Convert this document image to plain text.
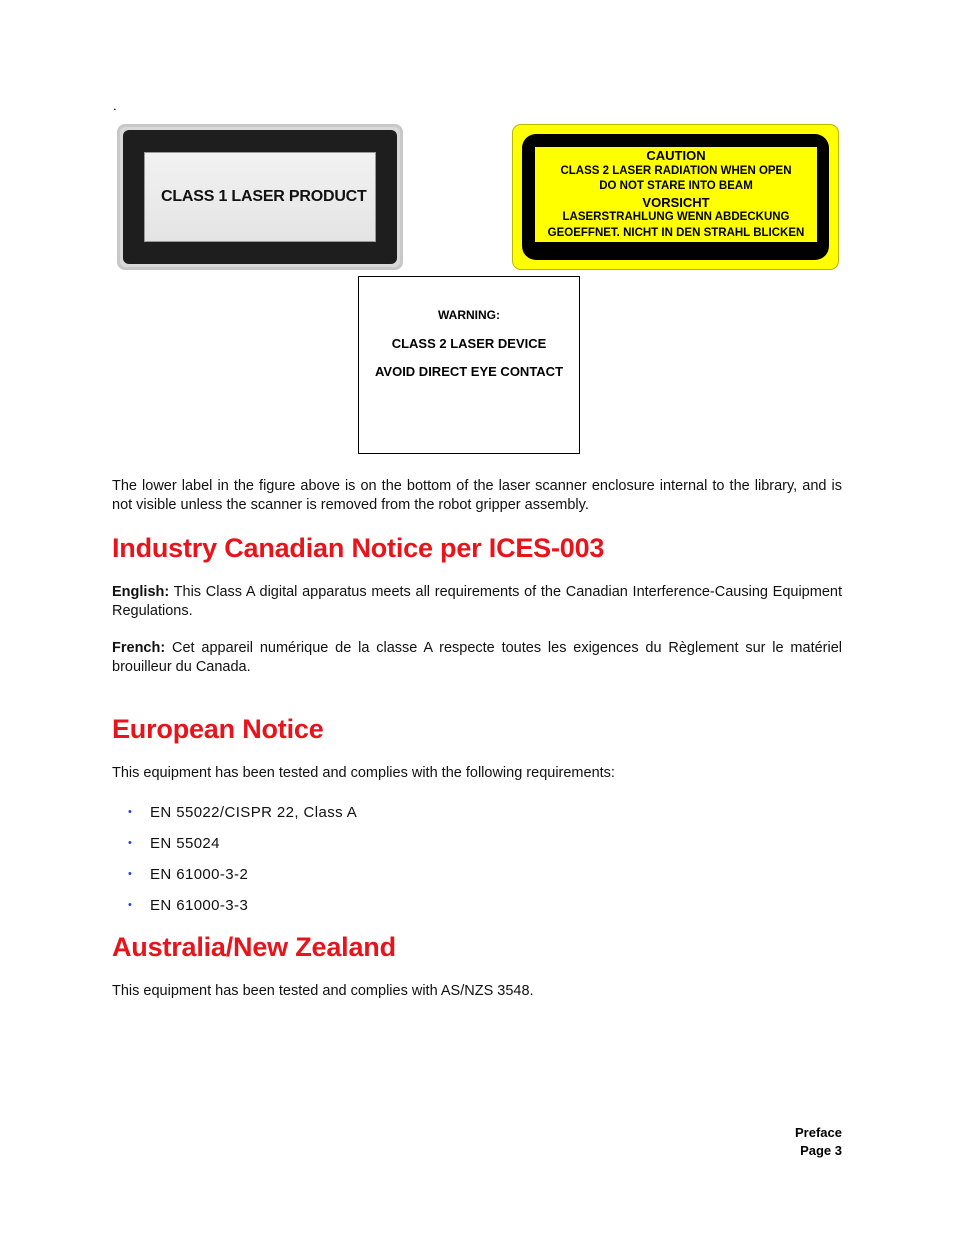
.
CLASS 1 LASER PRODUCT
CAUTION
CLASS 2 LASER RADIATION WHEN OPEN
DO NOT STARE INTO BEAM
VORSICHT
LASERSTRAHLUNG WENN ABDECKUNG
GEOEFFNET. NICHT IN DEN STRAHL BLICKEN
WARNING:
CLASS 2 LASER DEVICE
AVOID DIRECT EYE CONTACT
The lower label in the figure above is on the bottom of the laser scanner enclosure internal to the library, and is not visible unless the scanner is removed from the robot gripper assembly.
Industry Canadian Notice per ICES-003
English: This Class A digital apparatus meets all requirements of the Canadian Interference-Causing Equipment Regulations.
French: Cet appareil numérique de la classe A respecte toutes les exigences du Règlement sur le matériel brouilleur du Canada.
European Notice
This equipment has been tested and complies with the following requirements:
•	EN 55022/CISPR 22, Class A
•	EN 55024
•	EN 61000-3-2
•	EN 61000-3-3
Australia/New Zealand
This equipment has been tested and complies with AS/NZS 3548.
Preface
Page 3
